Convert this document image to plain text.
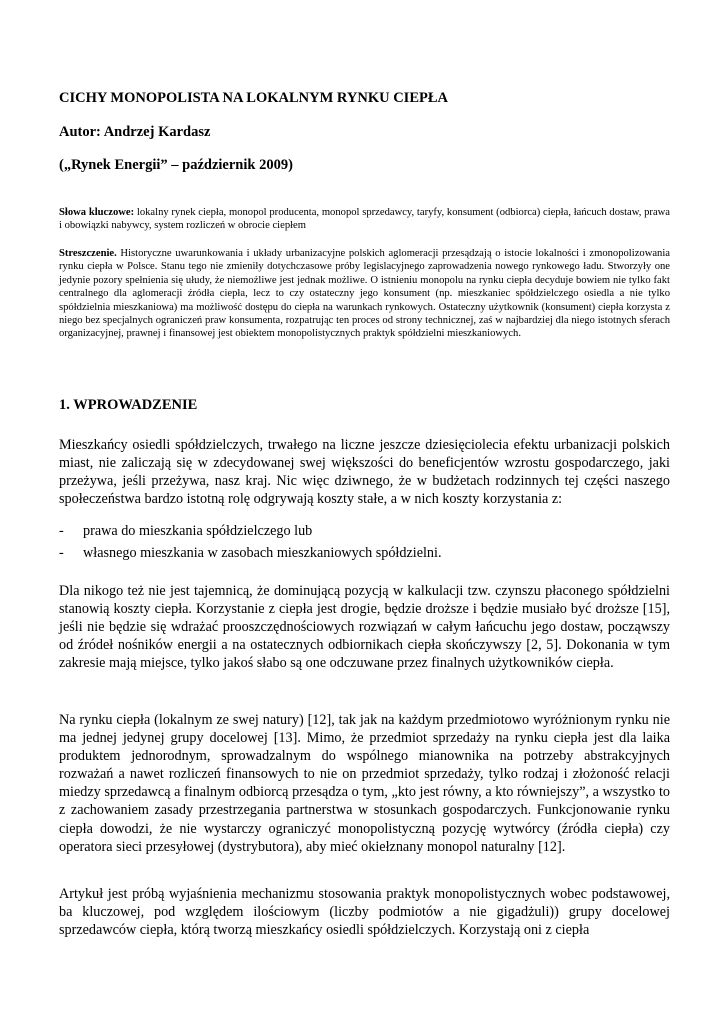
CICHY MONOPOLISTA NA LOKALNYM RYNKU CIEPŁA
Autor: Andrzej Kardasz
(„Rynek Energii” – październik 2009)
Słowa kluczowe: lokalny rynek ciepła, monopol producenta, monopol sprzedawcy, taryfy, konsument (odbiorca) ciepła, łańcuch dostaw, prawa i obowiązki nabywcy, system rozliczeń w obrocie ciepłem
Streszczenie. Historyczne uwarunkowania i układy urbanizacyjne polskich aglomeracji przesądzają o istocie lokalności i zmonopolizowania rynku ciepła w Polsce. Stanu tego nie zmieniły dotychczasowe próby legislacyjnego zaprowadzenia nowego rynkowego ładu. Stworzyły one jedynie pozory spełnienia się ułudy, że niemożliwe jest jednak możliwe. O istnieniu monopolu na rynku ciepła decyduje bowiem nie tylko fakt centralnego dla aglomeracji źródła ciepła, lecz to czy ostateczny jego konsument (np. mieszkaniec spółdzielczego osiedla a nie tylko spółdzielnia mieszkaniowa) ma możliwość dostępu do ciepła na warunkach rynkowych. Ostateczny użytkownik (konsument) ciepła korzysta z niego bez specjalnych ograniczeń praw konsumenta, rozpatrując ten proces od strony technicznej, zaś w najbardziej dla niego istotnych sferach organizacyjnej, prawnej i finansowej jest obiektem monopolistycznych praktyk spółdzielni mieszkaniowych.
1. WPROWADZENIE
Mieszkańcy osiedli spółdzielczych, trwałego na liczne jeszcze dziesięciolecia efektu urbanizacji polskich miast, nie zaliczają się w zdecydowanej swej większości do beneficjentów wzrostu gospodarczego, jaki przeżywa, jeśli przeżywa, nasz kraj. Nic więc dziwnego, że w budżetach rodzinnych tej części naszego społeczeństwa bardzo istotną rolę odgrywają koszty stałe, a w nich koszty korzystania z:
- prawa do mieszkania spółdzielczego lub
- własnego mieszkania w zasobach mieszkaniowych spółdzielni.
Dla nikogo też nie jest tajemnicą, że dominującą pozycją w kalkulacji tzw. czynszu płaconego spółdzielni stanowią koszty ciepła. Korzystanie z ciepła jest drogie, będzie droższe i będzie musiało być droższe [15], jeśli nie będzie się wdrażać prooszczędnościowych rozwiązań w całym łańcuchu jego dostaw, począwszy od źródeł nośników energii a na ostatecznych odbiornikach ciepła skończywszy [2, 5]. Dokonania w tym zakresie mają miejsce, tylko jakoś słabo są one odczuwane przez finalnych użytkowników ciepła.
Na rynku ciepła (lokalnym ze swej natury) [12], tak jak na każdym przedmiotowo wyróżnionym rynku nie ma jednej jedynej grupy docelowej [13]. Mimo, że przedmiot sprzedaży na rynku ciepła jest dla laika produktem jednorodnym, sprowadzalnym do wspólnego mianownika na potrzeby abstrakcyjnych rozważań a nawet rozliczeń finansowych to nie on przedmiot sprzedaży, tylko rodzaj i złożoność relacji miedzy sprzedawcą a finalnym odbiorcą przesądza o tym, „kto jest równy, a kto równiejszy”, a wszystko to z zachowaniem zasady przestrzegania partnerstwa w stosunkach gospodarczych. Funkcjonowanie rynku ciepła dowodzi, że nie wystarczy ograniczyć monopolistyczną pozycję wytwórcy (źródła ciepła) czy operatora sieci przesyłowej (dystrybutora), aby mieć okiełznany monopol naturalny [12].
Artykuł jest próbą wyjaśnienia mechanizmu stosowania praktyk monopolistycznych wobec podstawowej, ba kluczowej, pod względem ilościowym (liczby podmiotów a nie gigadżuli)) grupy docelowej sprzedawców ciepła, którą tworzą mieszkańcy osiedli spółdzielczych. Korzystają oni z ciepła
